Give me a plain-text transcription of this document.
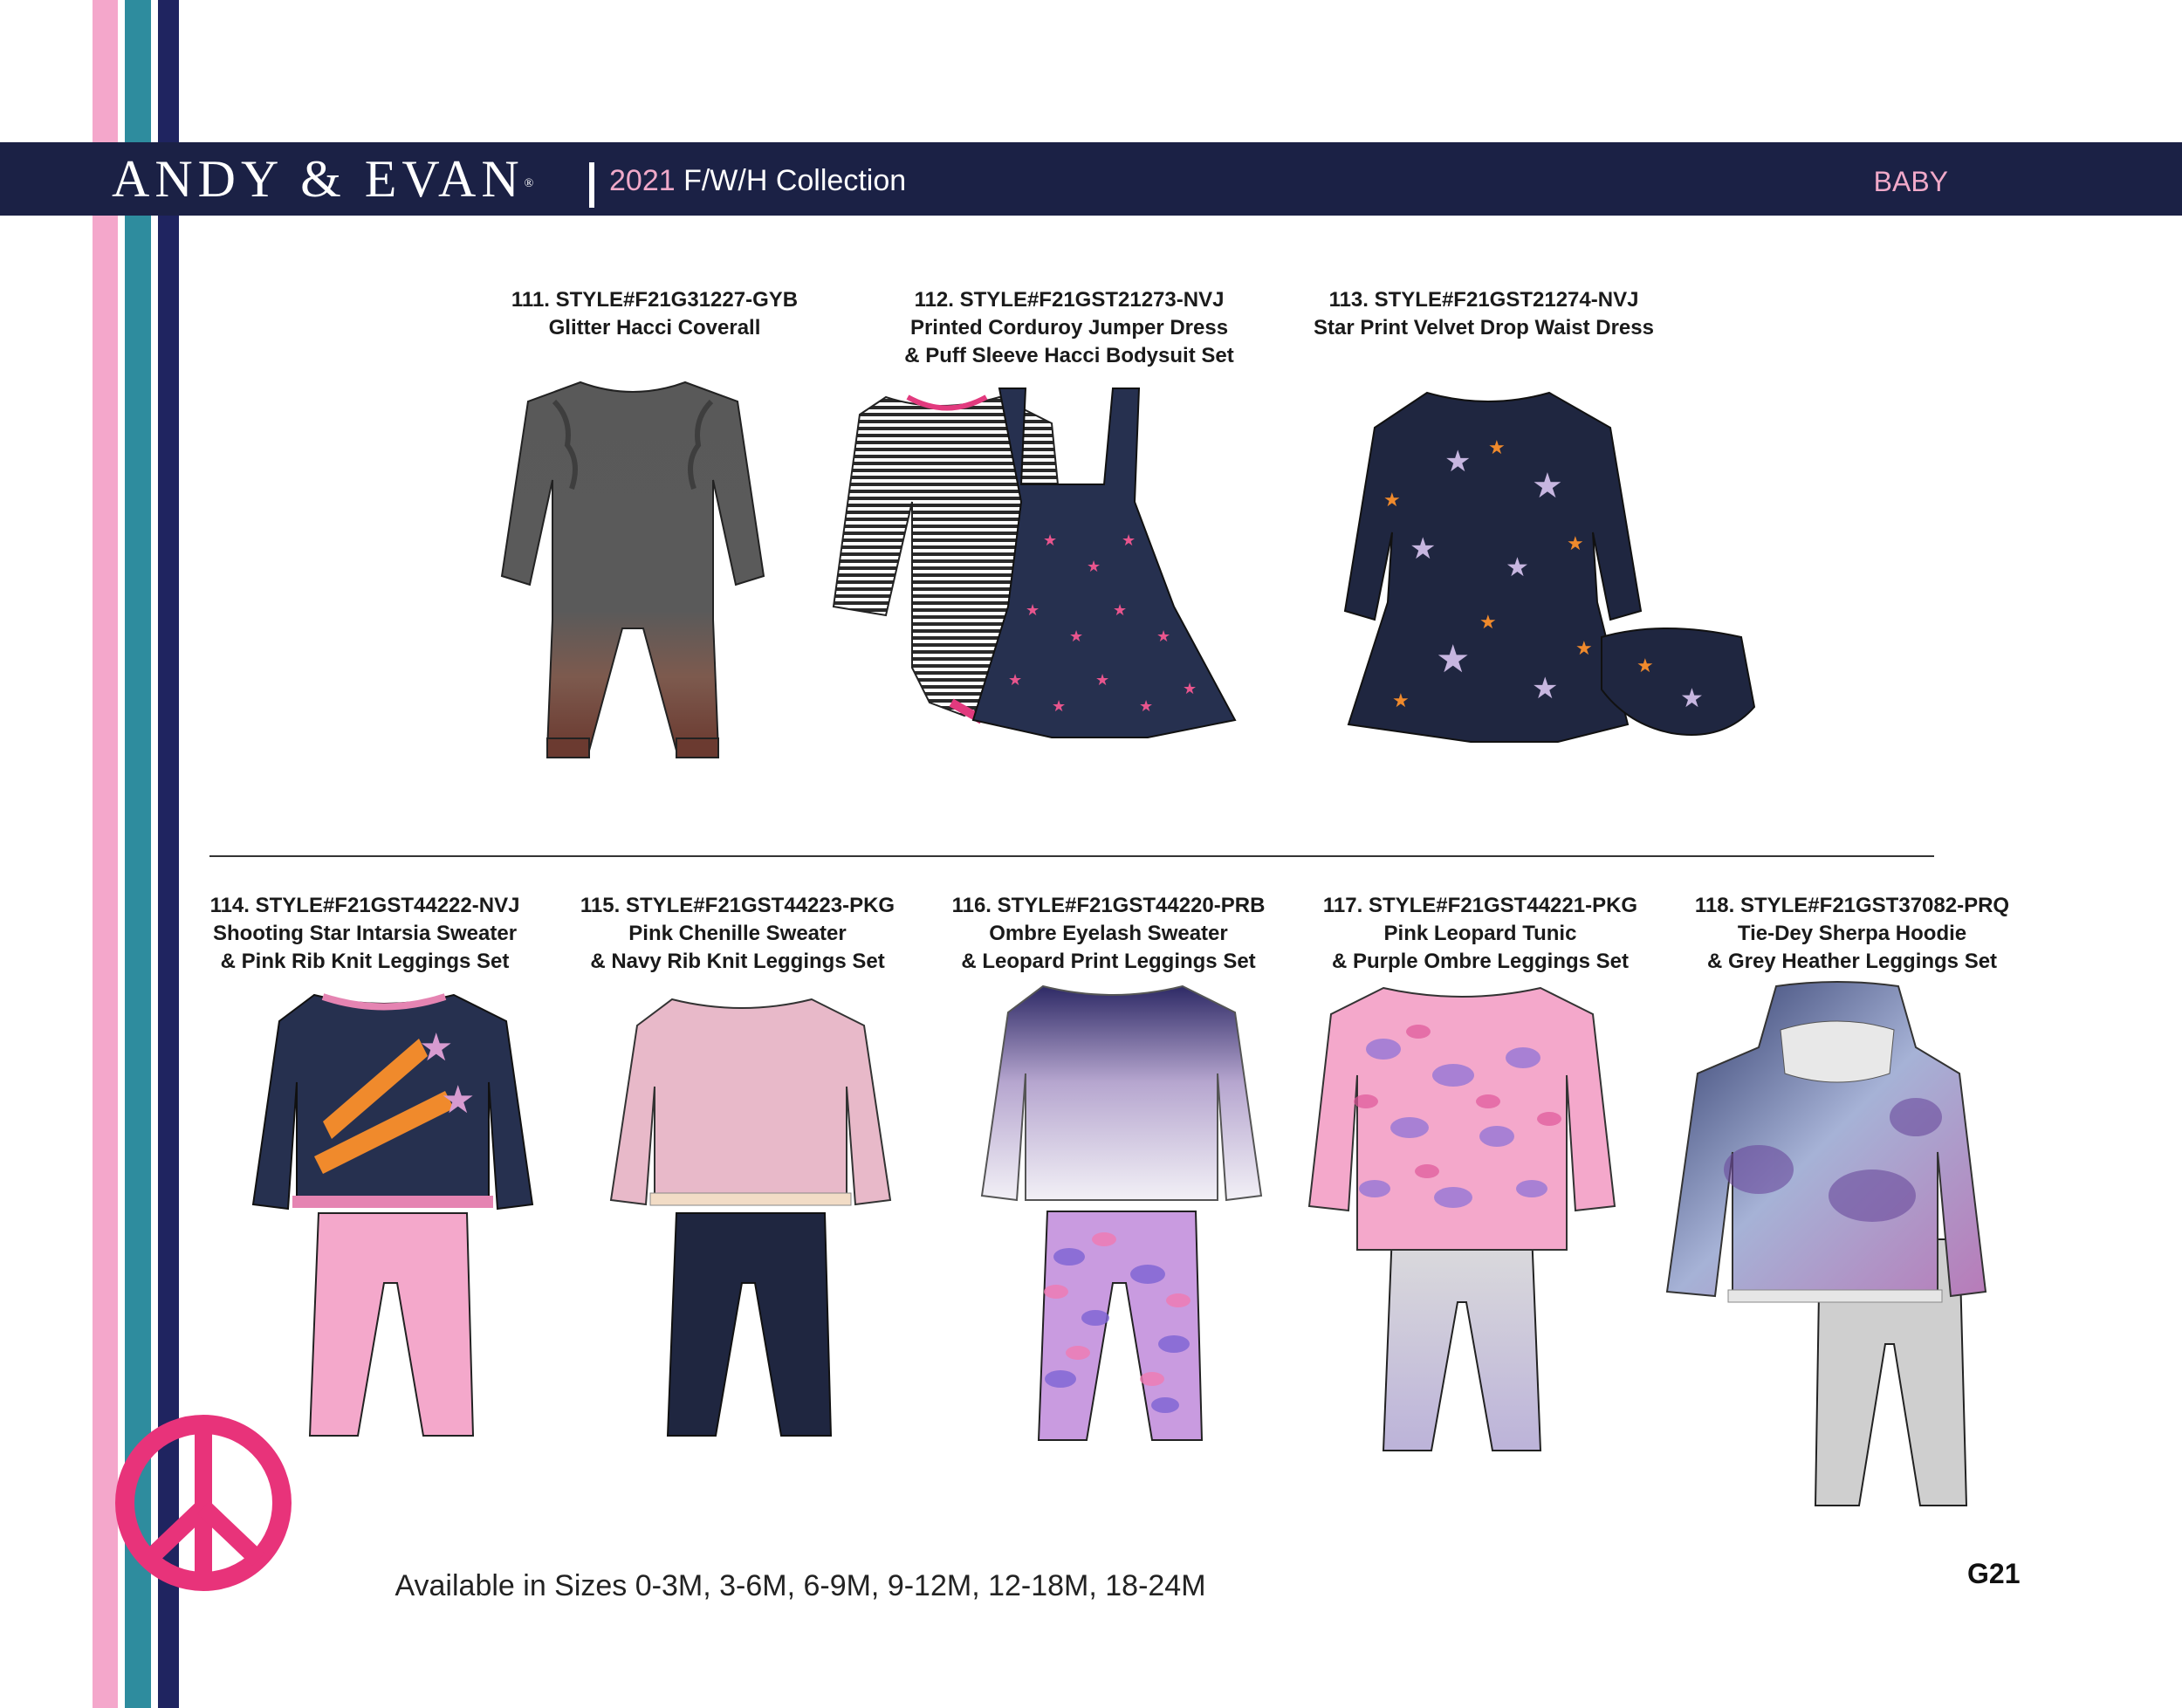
ANDY & EVAN®	2021 F/W/H Collection	BABY
111. STYLE#F21G31227-GYB
Glitter Hacci Coverall
112. STYLE#F21GST21273-NVJ
Printed Corduroy Jumper Dress
& Puff Sleeve Hacci Bodysuit Set
113. STYLE#F21GST21274-NVJ
Star Print Velvet Drop Waist Dress
★
★
★
★
★
★
★
★
★
★
★
★
★
★
★
★
★
★	★
★
★
★
★
★
★
★
114. STYLE#F21GST44222-NVJ
Shooting Star Intarsia Sweater
& Pink Rib Knit Leggings Set
115. STYLE#F21GST44223-PKG
Pink Chenille Sweater
& Navy Rib Knit Leggings Set
116. STYLE#F21GST44220-PRB
Ombre Eyelash Sweater
& Leopard Print Leggings Set
117. STYLE#F21GST44221-PKG
Pink Leopard Tunic
& Purple Ombre Leggings Set
118. STYLE#F21GST37082-PRQ
Tie-Dey Sherpa Hoodie
& Grey Heather Leggings Set
★
★
Available in Sizes 0-3M, 3-6M, 6-9M, 9-12M, 12-18M, 18-24M	G21
